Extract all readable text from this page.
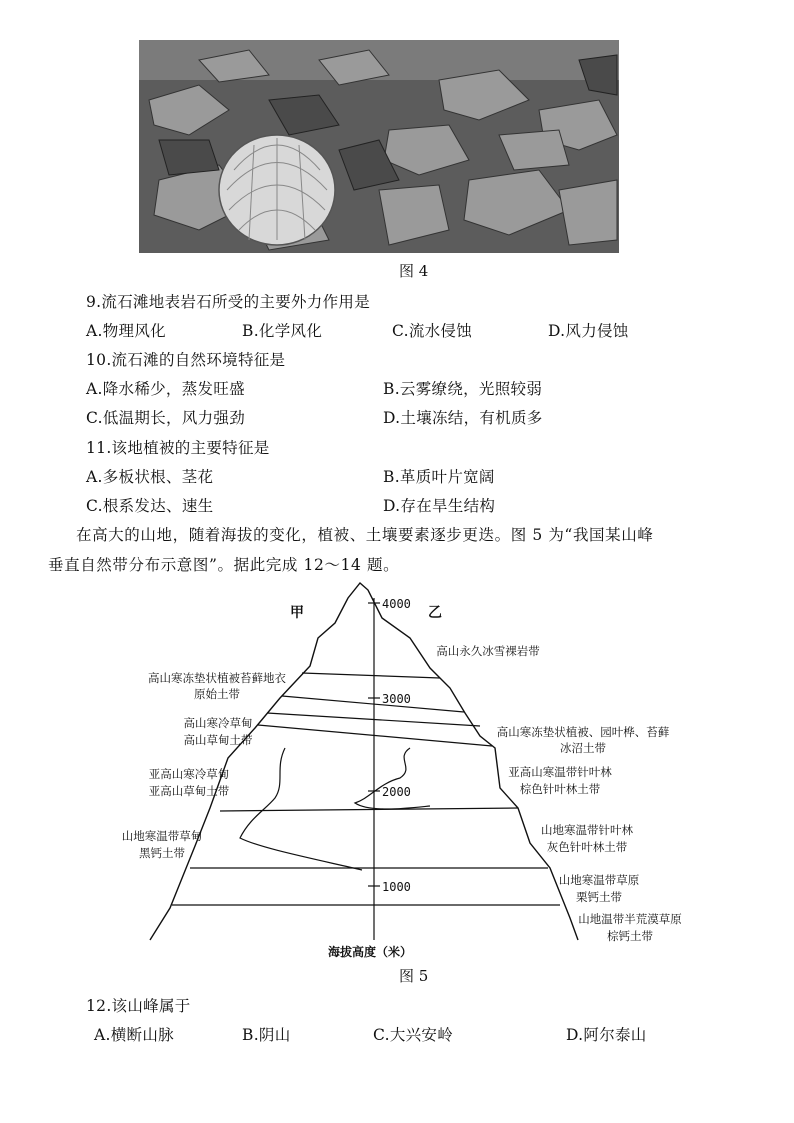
图 4
9.流石滩地表岩石所受的主要外力作用是
A.物理风化	B.化学风化	C.流水侵蚀	D.风力侵蚀
10.流石滩的自然环境特征是
A.降水稀少，蒸发旺盛	B.云雾缭绕，光照较弱
C.低温期长，风力强劲	D.土壤冻结，有机质多
11.该地植被的主要特征是
A.多板状根、茎花	B.革质叶片宽阔
C.根系发达、速生	D.存在旱生结构
在高大的山地，随着海拔的变化，植被、土壤要素逐步更迭。图 5 为“我国某山峰
垂直自然带分布示意图”。据此完成 12～14 题。
4000
3000
2000
1000
甲	乙
海拔高度（米）
高山寒冻垫状植被苔藓地衣
原始土带
高山寒冷草甸
高山草甸土带
亚高山寒冷草甸
亚高山草甸土带
山地寒温带草甸
黑钙土带
高山永久冰雪裸岩带
高山寒冻垫状植被、园叶桦、苔藓
冰沼土带
亚高山寒温带针叶林
棕色针叶林土带
山地寒温带针叶林
灰色针叶林土带
山地寒温带草原
栗钙土带
山地温带半荒漠草原
棕钙土带
图 5
12.该山峰属于
A.横断山脉	B.阴山	C.大兴安岭	D.阿尔泰山
